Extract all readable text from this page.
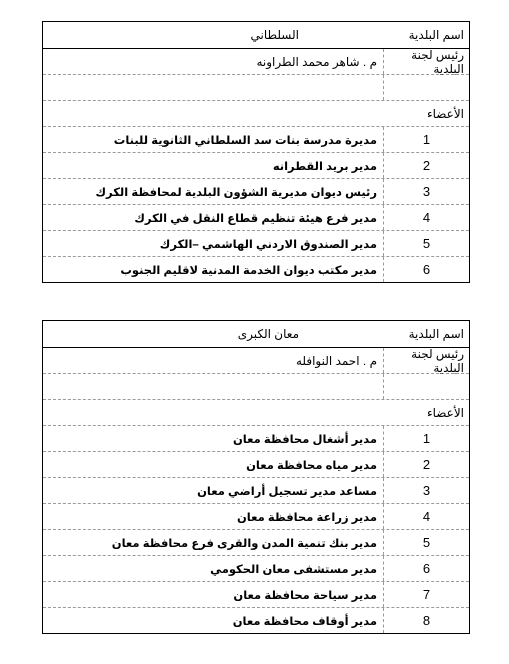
اسم البلدية
السلطاني
رئيس لجنة البلدية
م . شاهر محمد الطراونه
الأعضاء
1
مديرة مدرسة بنات سد السلطاني الثانوية للبنات
2
مدير بريد القطرانه
3
رئيس ديوان مديرية الشؤون البلدية لمحافظة الكرك
4
مدير فرع هيئة تنظيم قطاع النقل في الكرك
5
مدير الصندوق الاردني الهاشمي –الكرك
6
مدير مكتب ديوان الخدمة المدنية لاقليم الجنوب
اسم البلدية
معان الكبرى
رئيس لجنة البلدية
م . احمد النوافله
الأعضاء
1
مدير أشغال محافظة معان
2
مدير مياه محافظة معان
3
مساعد مدير تسجيل أراضي معان
4
مدير زراعة محافظة معان
5
مدير بنك تنمية المدن والقرى فرع محافظة معان
6
مدير مستشفى معان الحكومي
7
مدير سياحة محافظة معان
8
مدير أوقاف محافظة معان
